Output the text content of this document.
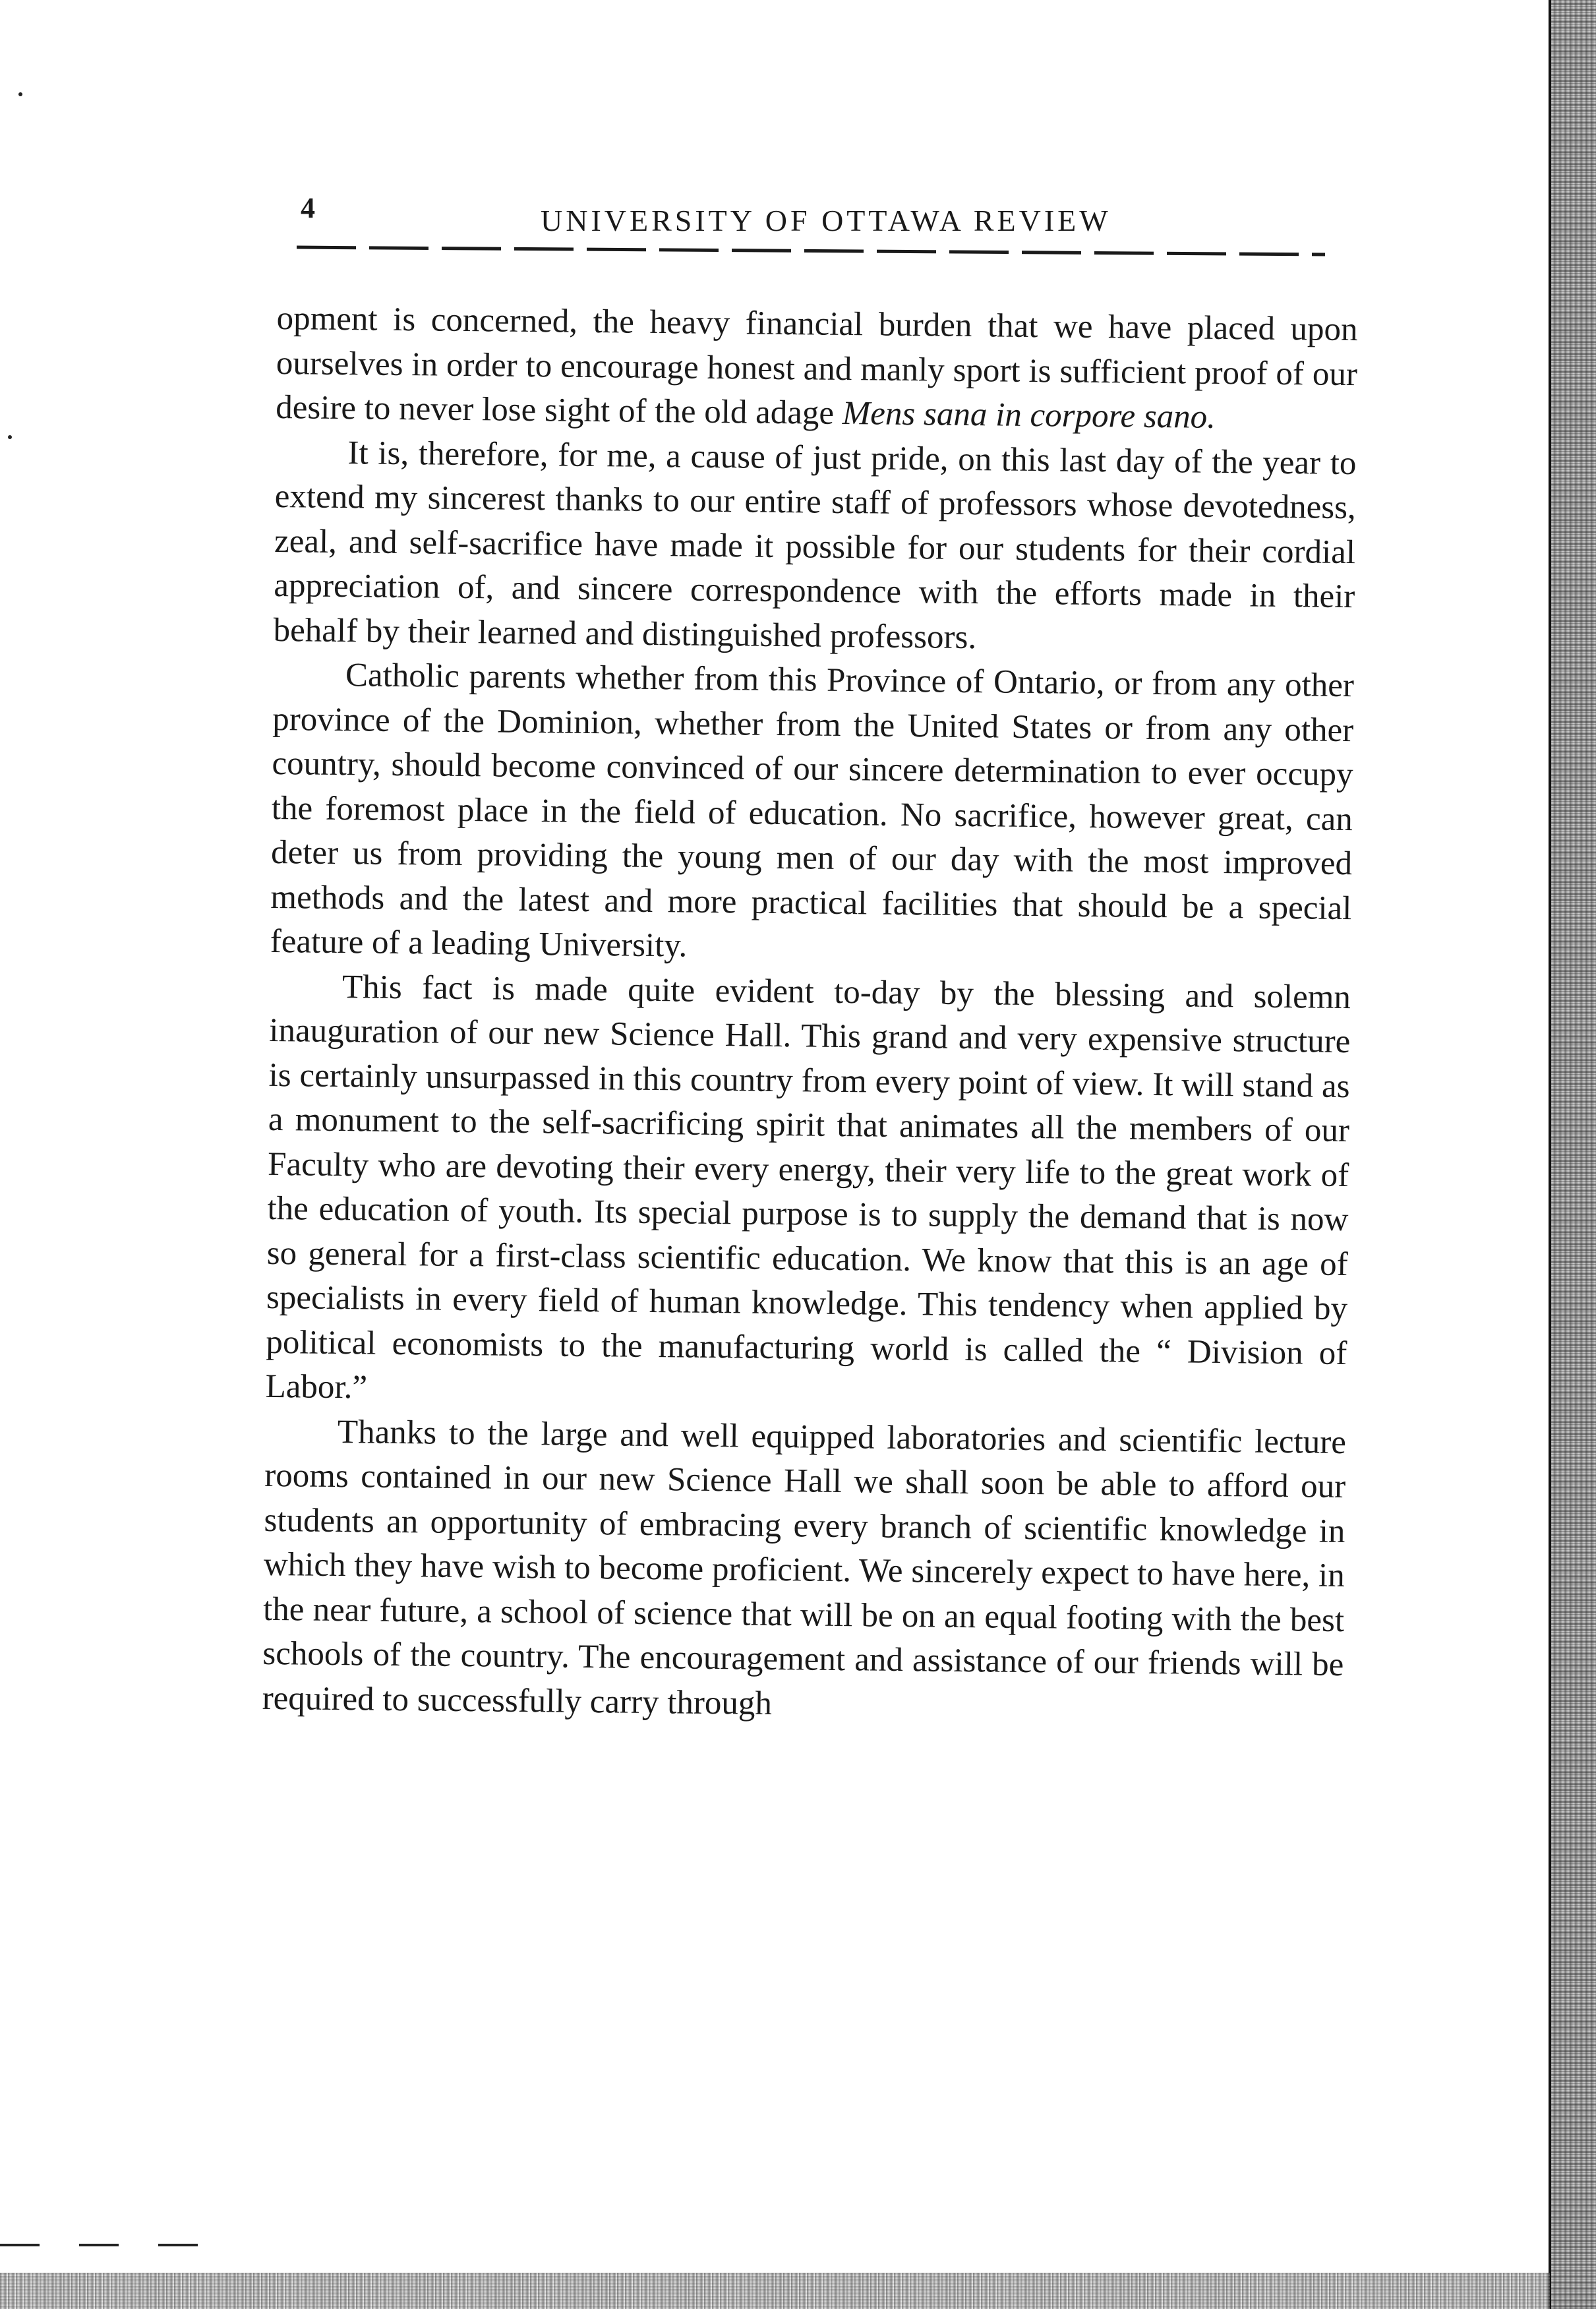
4	UNIVERSITY OF OTTAWA REVIEW

opment is concerned, the heavy financial burden that we have placed upon ourselves in order to encourage honest and manly sport is sufficient proof of our desire to never lose sight of the old adage Mens sana in corpore sano.

It is, therefore, for me, a cause of just pride, on this last day of the year to extend my sincerest thanks to our entire staff of professors whose devotedness, zeal, and self-sacrifice have made it possible for our students for their cordial appreciation of, and sincere correspondence with the efforts made in their behalf by their learned and distinguished professors.

Catholic parents whether from this Province of Ontario, or from any other province of the Dominion, whether from the United States or from any other country, should become convinced of our sincere determination to ever occupy the foremost place in the field of education. No sacrifice, however great, can deter us from providing the young men of our day with the most improved methods and the latest and more practical facilities that should be a special feature of a leading University.

This fact is made quite evident to-day by the blessing and solemn inauguration of our new Science Hall. This grand and very expensive structure is certainly unsurpassed in this country from every point of view. It will stand as a monument to the self-sacrificing spirit that animates all the members of our Faculty who are devoting their every energy, their very life to the great work of the education of youth. Its special purpose is to supply the demand that is now so general for a first-class scientific education. We know that this is an age of specialists in every field of human knowledge. This tendency when applied by political economists to the manufacturing world is called the “ Division of Labor.”

Thanks to the large and well equipped laboratories and scientific lecture rooms contained in our new Science Hall we shall soon be able to afford our students an opportunity of embracing every branch of scientific knowledge in which they have wish to become proficient. We sincerely expect to have here, in the near future, a school of science that will be on an equal footing with the best schools of the country. The encouragement and assistance of our friends will be required to successfully carry through
